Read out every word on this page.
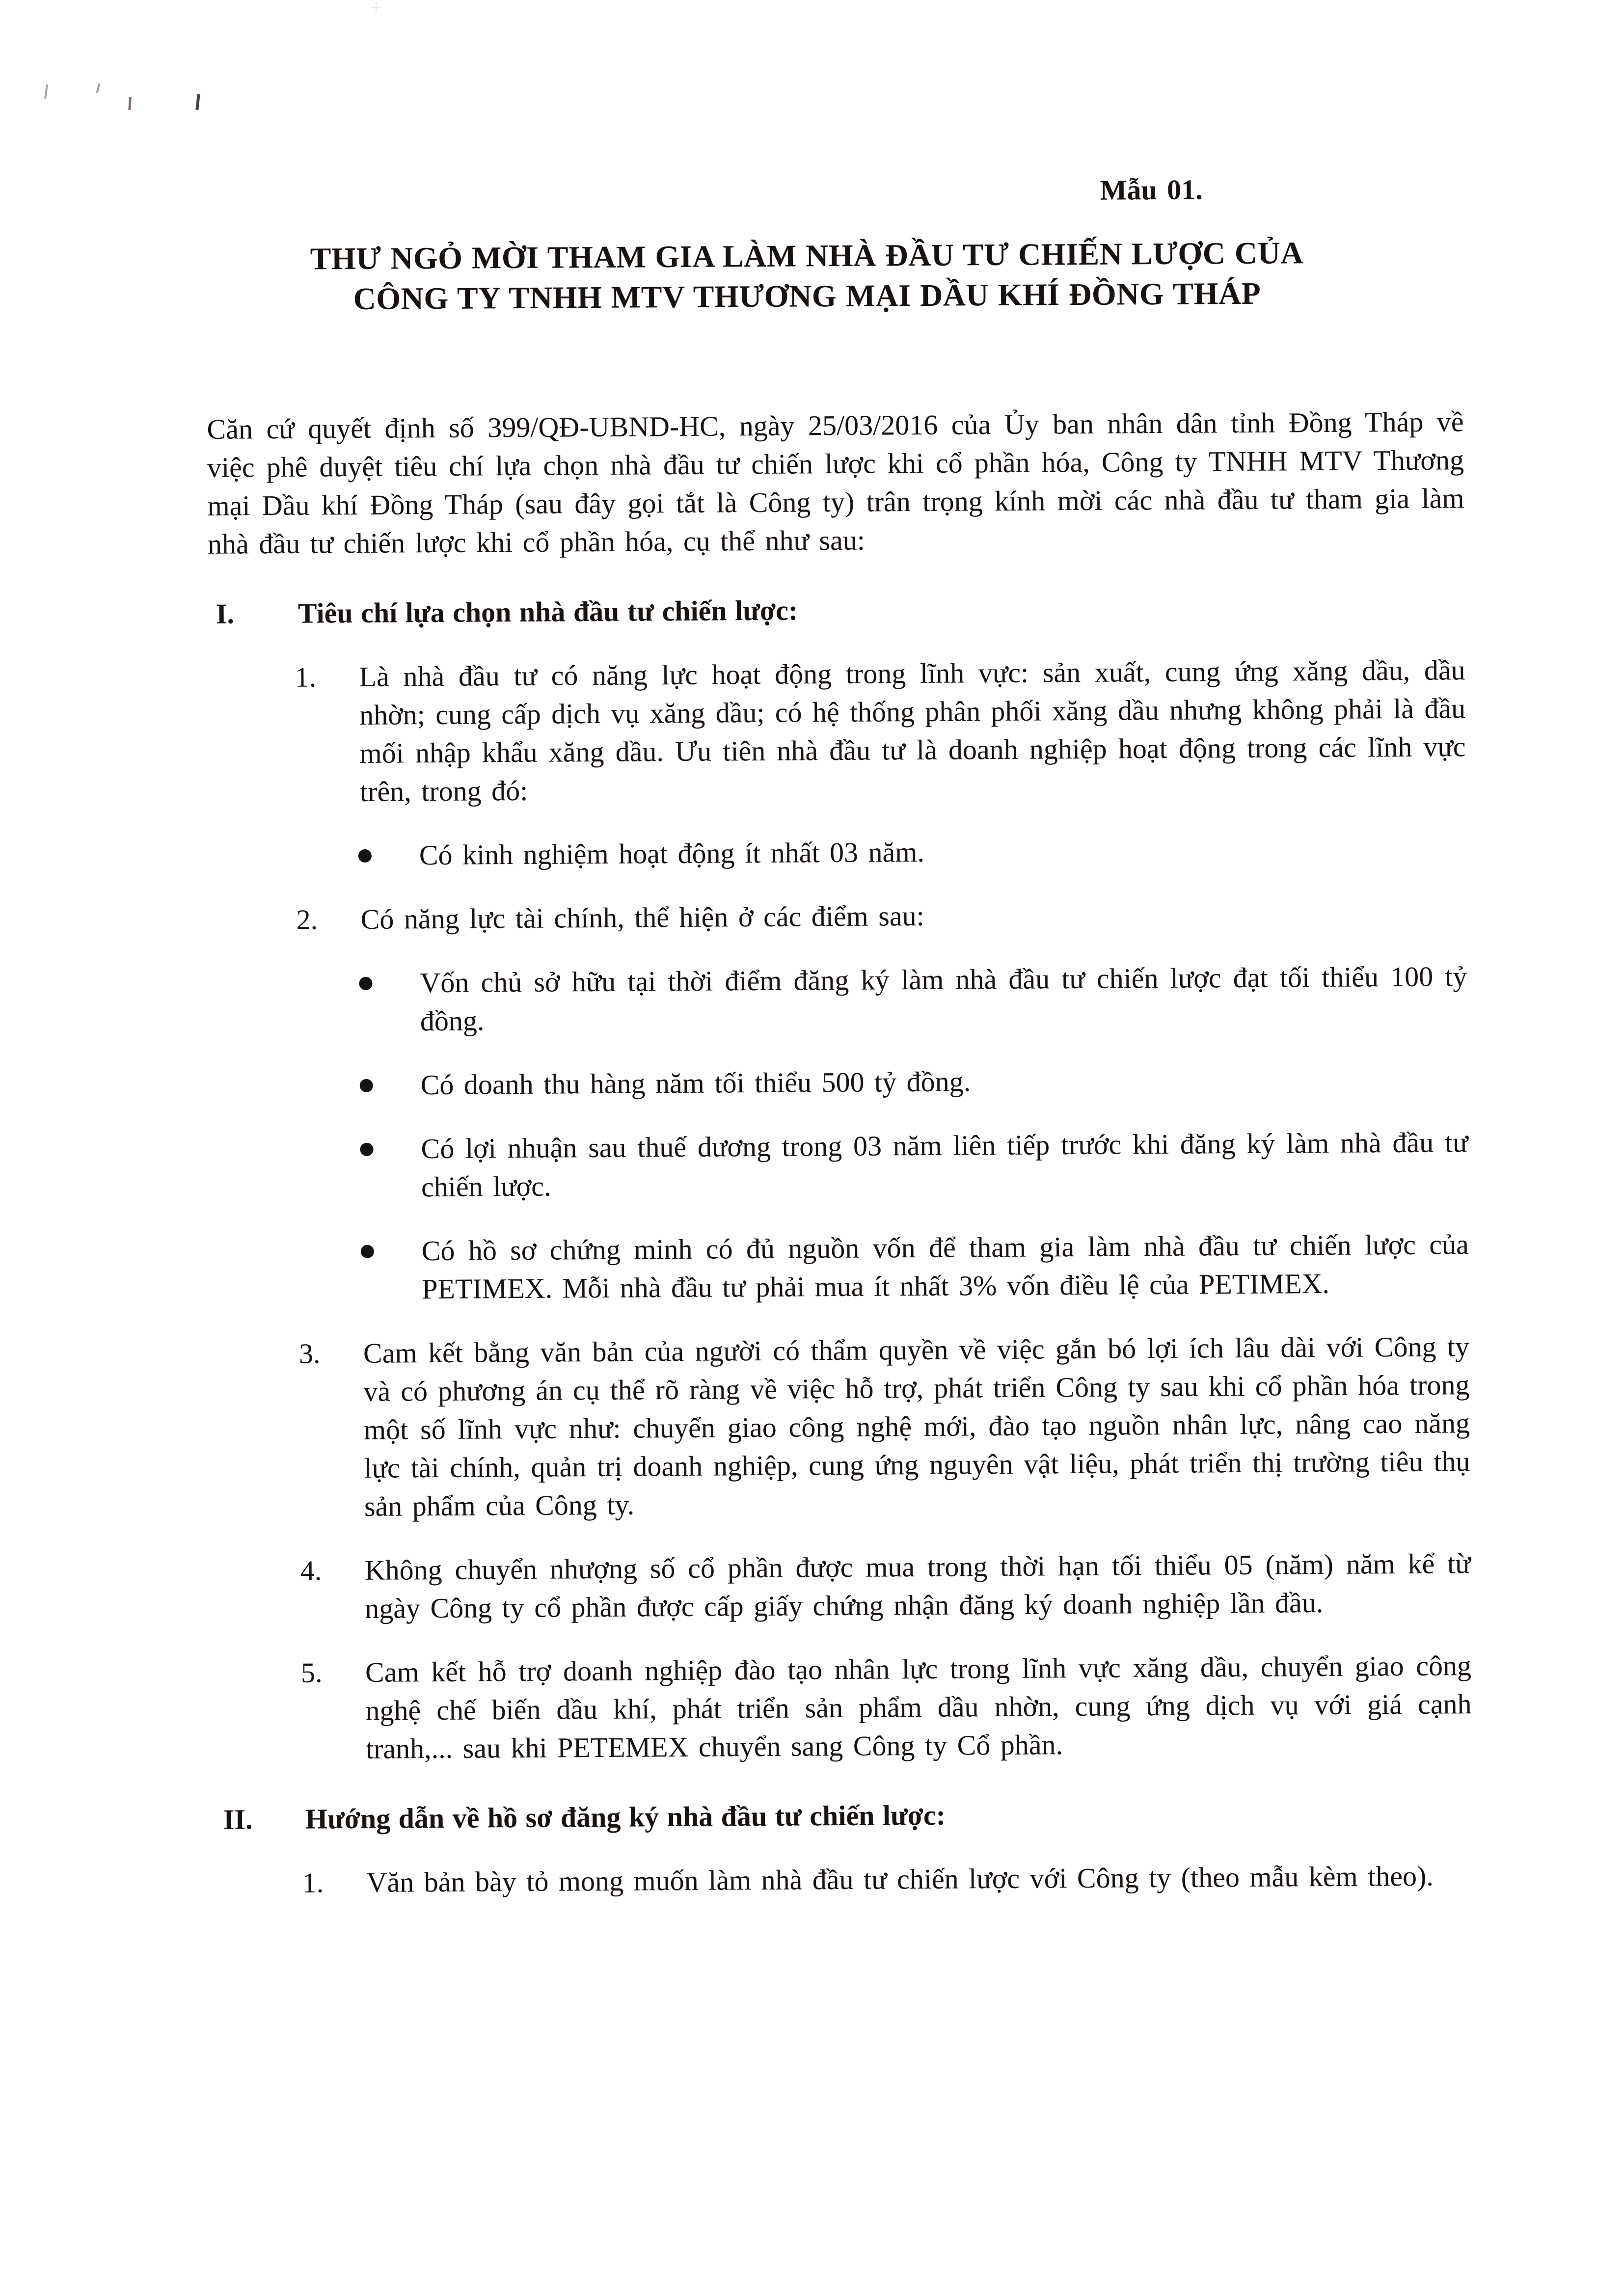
Mẫu 01.
THƯ NGỎ MỜI THAM GIA LÀM NHÀ ĐẦU TƯ CHIẾN LƯỢC CỦA
CÔNG TY TNHH MTV THƯƠNG MẠI DẦU KHÍ ĐỒNG THÁP

Căn cứ quyết định số 399/QĐ-UBND-HC, ngày 25/03/2016 của Ủy ban nhân dân tỉnh Đồng Tháp về việc phê duyệt tiêu chí lựa chọn nhà đầu tư chiến lược khi cổ phần hóa, Công ty TNHH MTV Thương mại Dầu khí Đồng Tháp (sau đây gọi tắt là Công ty) trân trọng kính mời các nhà đầu tư tham gia làm nhà đầu tư chiến lược khi cổ phần hóa, cụ thể như sau:

I. Tiêu chí lựa chọn nhà đầu tư chiến lược:
1. Là nhà đầu tư có năng lực hoạt động trong lĩnh vực: sản xuất, cung ứng xăng dầu, dầu nhờn; cung cấp dịch vụ xăng dầu; có hệ thống phân phối xăng dầu nhưng không phải là đầu mối nhập khẩu xăng dầu. Ưu tiên nhà đầu tư là doanh nghiệp hoạt động trong các lĩnh vực trên, trong đó:
Có kinh nghiệm hoạt động ít nhất 03 năm.
2. Có năng lực tài chính, thể hiện ở các điểm sau:
Vốn chủ sở hữu tại thời điểm đăng ký làm nhà đầu tư chiến lược đạt tối thiểu 100 tỷ đồng.
Có doanh thu hàng năm tối thiểu 500 tỷ đồng.
Có lợi nhuận sau thuế dương trong 03 năm liên tiếp trước khi đăng ký làm nhà đầu tư chiến lược.
Có hồ sơ chứng minh có đủ nguồn vốn để tham gia làm nhà đầu tư chiến lược của PETIMEX. Mỗi nhà đầu tư phải mua ít nhất 3% vốn điều lệ của PETIMEX.
3. Cam kết bằng văn bản của người có thẩm quyền về việc gắn bó lợi ích lâu dài với Công ty và có phương án cụ thể rõ ràng về việc hỗ trợ, phát triển Công ty sau khi cổ phần hóa trong một số lĩnh vực như: chuyển giao công nghệ mới, đào tạo nguồn nhân lực, nâng cao năng lực tài chính, quản trị doanh nghiệp, cung ứng nguyên vật liệu, phát triển thị trường tiêu thụ sản phẩm của Công ty.
4. Không chuyển nhượng số cổ phần được mua trong thời hạn tối thiểu 05 (năm) năm kể từ ngày Công ty cổ phần được cấp giấy chứng nhận đăng ký doanh nghiệp lần đầu.
5. Cam kết hỗ trợ doanh nghiệp đào tạo nhân lực trong lĩnh vực xăng dầu, chuyển giao công nghệ chế biến dầu khí, phát triển sản phẩm dầu nhờn, cung ứng dịch vụ với giá cạnh tranh,... sau khi PETEMEX chuyển sang Công ty Cổ phần.
II. Hướng dẫn về hồ sơ đăng ký nhà đầu tư chiến lược:
1. Văn bản bày tỏ mong muốn làm nhà đầu tư chiến lược với Công ty (theo mẫu kèm theo).
